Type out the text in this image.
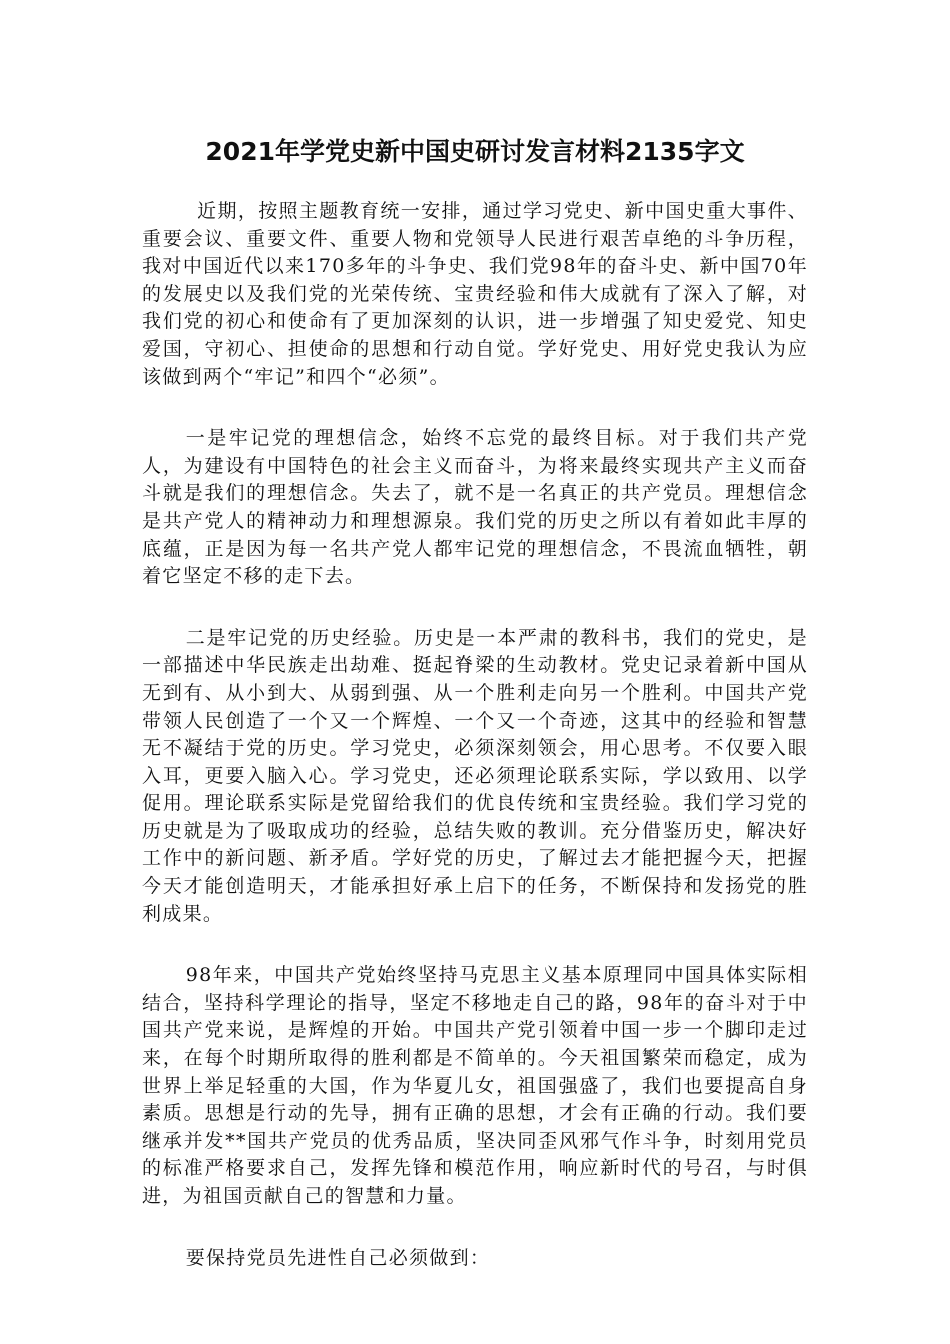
2021年学党史新中国史研讨发言材料2135字文

近期，按照主题教育统一安排，通过学习党史、新中国史重大事件、重要会议、重要文件、重要人物和党领导人民进行艰苦卓绝的斗争历程，我对中国近代以来170多年的斗争史、我们党98年的奋斗史、新中国70年的发展史以及我们党的光荣传统、宝贵经验和伟大成就有了深入了解，对我们党的初心和使命有了更加深刻的认识，进一步增强了知史爱党、知史爱国，守初心、担使命的思想和行动自觉。学好党史、用好党史我认为应该做到两个“牢记”和四个“必须”。

一是牢记党的理想信念，始终不忘党的最终目标。对于我们共产党人，为建设有中国特色的社会主义而奋斗，为将来最终实现共产主义而奋斗就是我们的理想信念。失去了，就不是一名真正的共产党员。理想信念是共产党人的精神动力和理想源泉。我们党的历史之所以有着如此丰厚的底蕴，正是因为每一名共产党人都牢记党的理想信念，不畏流血牺牲，朝着它坚定不移的走下去。

二是牢记党的历史经验。历史是一本严肃的教科书，我们的党史，是一部描述中华民族走出劫难、挺起脊梁的生动教材。党史记录着新中国从无到有、从小到大、从弱到强、从一个胜利走向另一个胜利。中国共产党带领人民创造了一个又一个辉煌、一个又一个奇迹，这其中的经验和智慧无不凝结于党的历史。学习党史，必须深刻领会，用心思考。不仅要入眼入耳，更要入脑入心。学习党史，还必须理论联系实际，学以致用、以学促用。理论联系实际是党留给我们的优良传统和宝贵经验。我们学习党的历史就是为了吸取成功的经验，总结失败的教训。充分借鉴历史，解决好工作中的新问题、新矛盾。学好党的历史，了解过去才能把握今天，把握今天才能创造明天，才能承担好承上启下的任务，不断保持和发扬党的胜利成果。

98年来，中国共产党始终坚持马克思主义基本原理同中国具体实际相结合，坚持科学理论的指导，坚定不移地走自己的路，98年的奋斗对于中国共产党来说，是辉煌的开始。中国共产党引领着中国一步一个脚印走过来，在每个时期所取得的胜利都是不简单的。今天祖国繁荣而稳定，成为世界上举足轻重的大国，作为华夏儿女，祖国强盛了，我们也要提高自身素质。思想是行动的先导，拥有正确的思想，才会有正确的行动。我们要继承并发**国共产党员的优秀品质，坚决同歪风邪气作斗争，时刻用党员的标准严格要求自己，发挥先锋和模范作用，响应新时代的号召，与时俱进，为祖国贡献自己的智慧和力量。

要保持党员先进性自己必须做到：
